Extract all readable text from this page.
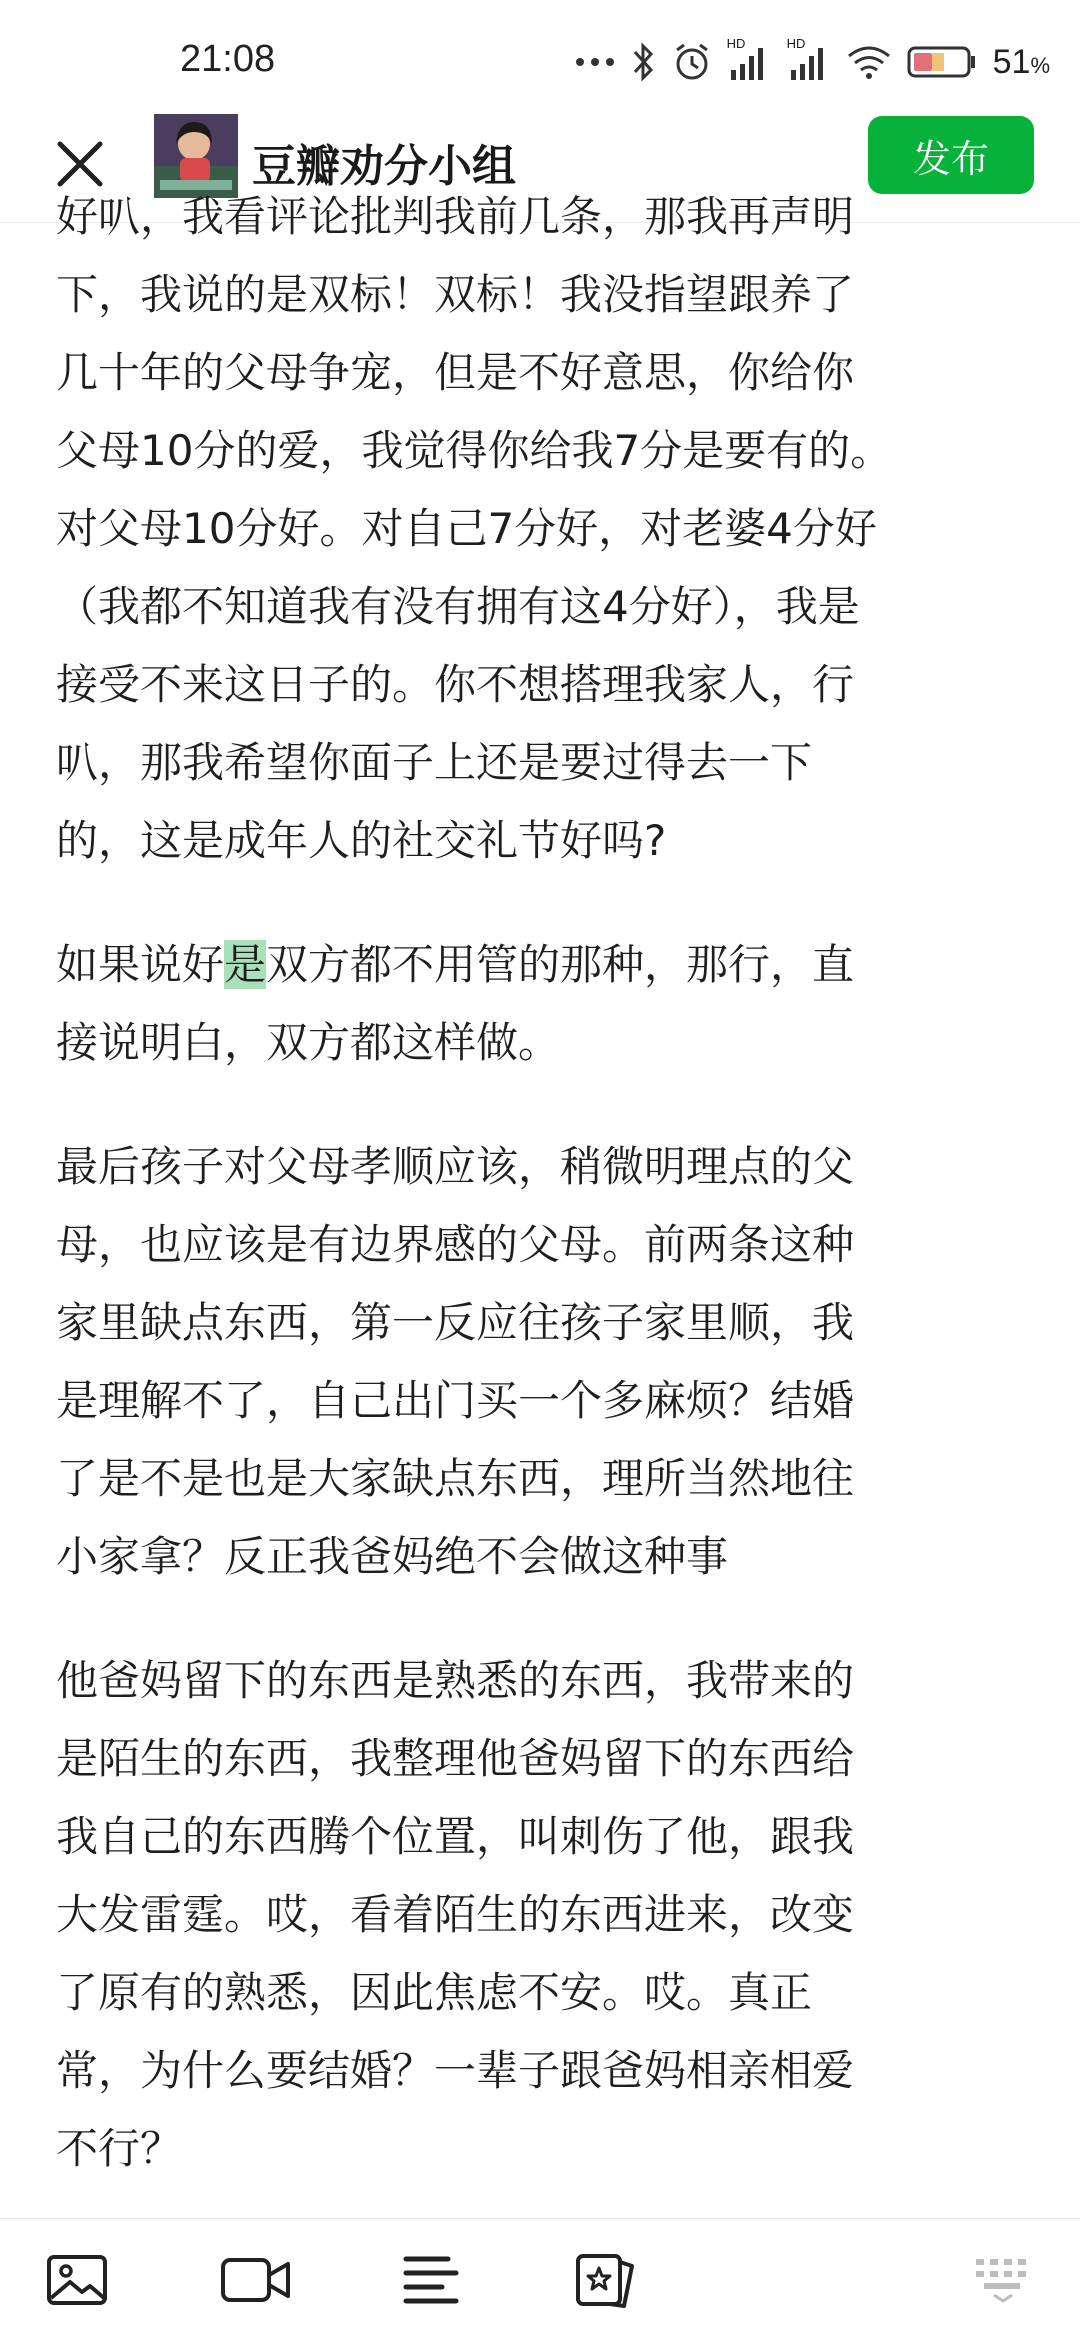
21:08	HD	HD	51%
豆瓣劝分小组	发布

好叭，我看评论批判我前几条，那我再声明
下，我说的是双标！双标！我没指望跟养了
几十年的父母争宠，但是不好意思，你给你
父母10分的爱，我觉得你给我7分是要有的。
对父母10分好。对自己7分好，对老婆4分好
（我都不知道我有没有拥有这4分好），我是
接受不来这日子的。你不想搭理我家人，行
叭，那我希望你面子上还是要过得去一下
的，这是成年人的社交礼节好吗?

如果说好是双方都不用管的那种，那行，直
接说明白，双方都这样做。

最后孩子对父母孝顺应该，稍微明理点的父
母，也应该是有边界感的父母。前两条这种
家里缺点东西，第一反应往孩子家里顺，我
是理解不了，自己出门买一个多麻烦？结婚
了是不是也是大家缺点东西，理所当然地往
小家拿？反正我爸妈绝不会做这种事

他爸妈留下的东西是熟悉的东西，我带来的
是陌生的东西，我整理他爸妈留下的东西给
我自己的东西腾个位置，叫刺伤了他，跟我
大发雷霆。哎，看着陌生的东西进来，改变
了原有的熟悉，因此焦虑不安。哎。真正
常，为什么要结婚？一辈子跟爸妈相亲相爱
不行？
